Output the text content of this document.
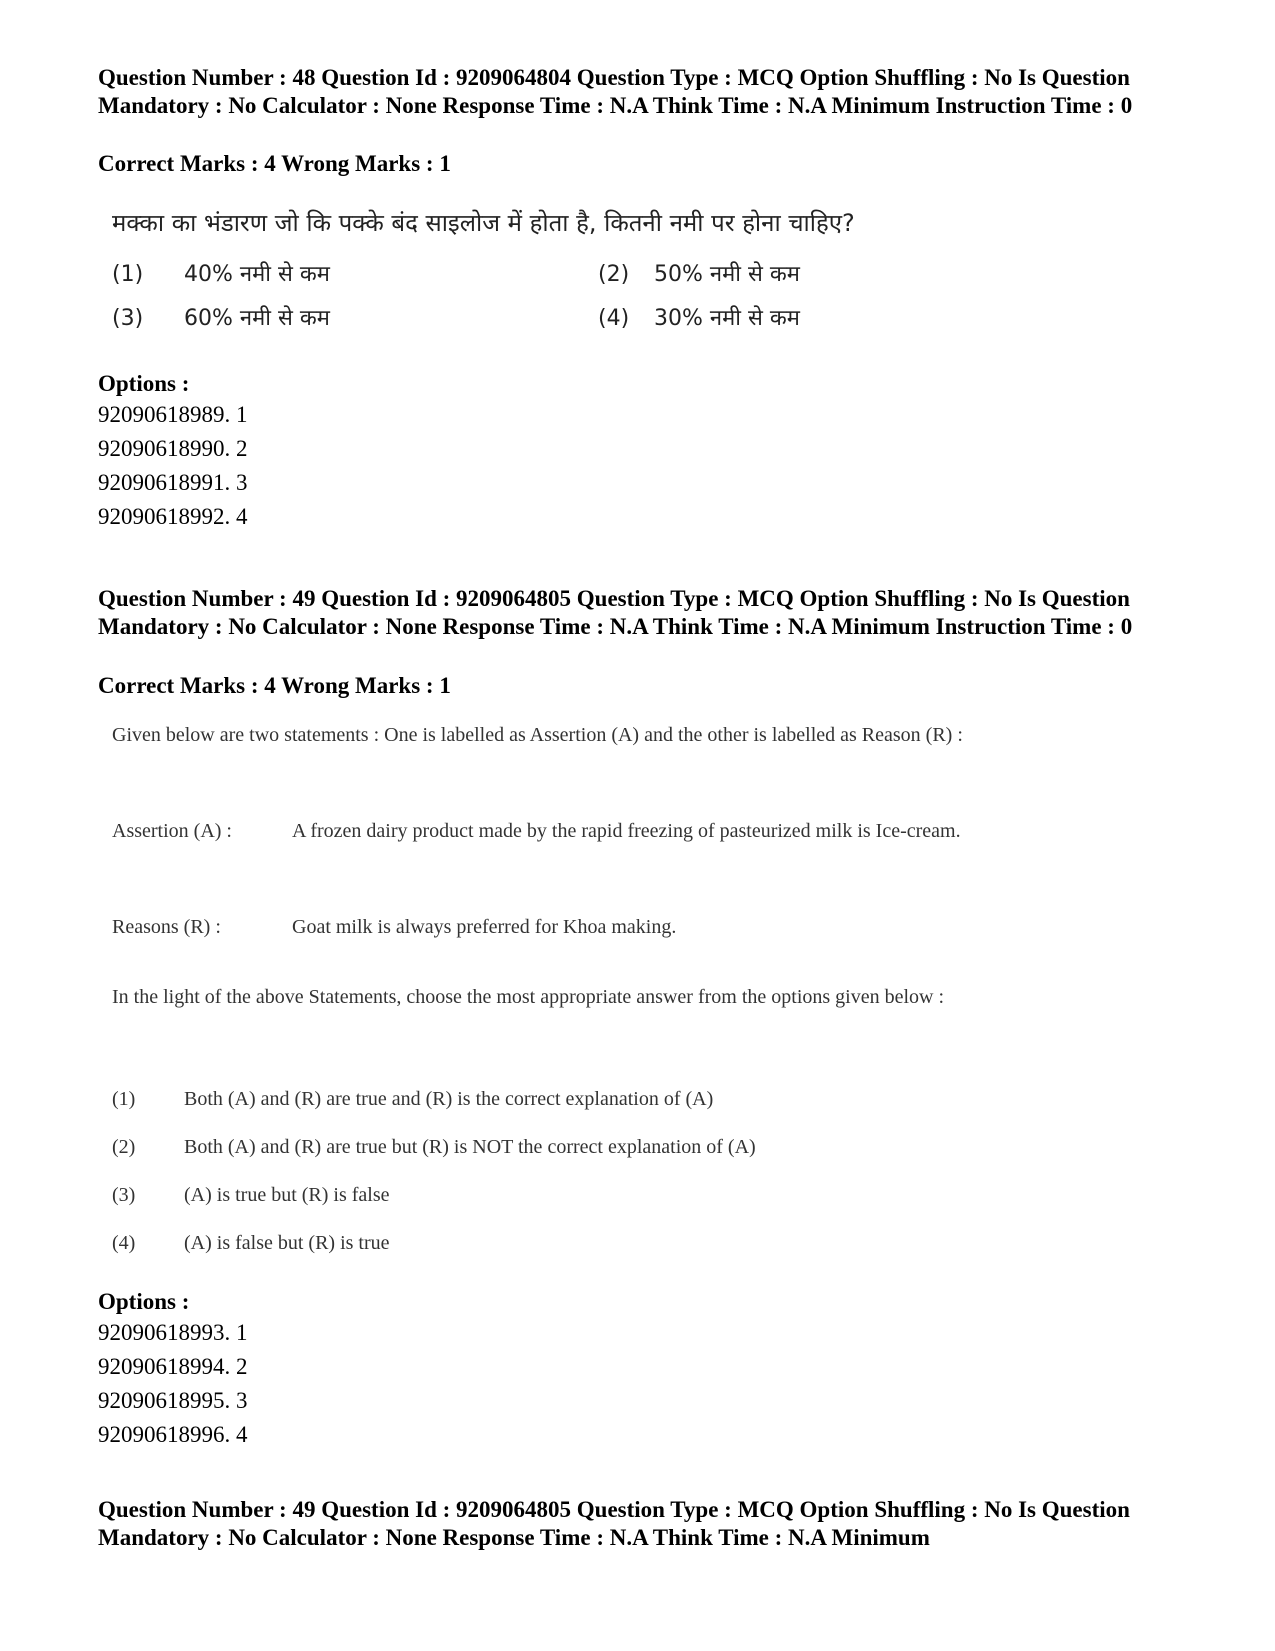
Question Number : 48 Question Id : 9209064804 Question Type : MCQ Option Shuffling : No Is Question Mandatory : No Calculator : None Response Time : N.A Think Time : N.A Minimum Instruction Time : 0
Correct Marks : 4 Wrong Marks : 1
मक्का का भंडारण जो कि पक्के बंद साइलोज में होता है, कितनी नमी पर होना चाहिए?
(1) 40% नमी से कम	(2) 50% नमी से कम
(3) 60% नमी से कम	(4) 30% नमी से कम
Options :
92090618989. 1
92090618990. 2
92090618991. 3
92090618992. 4
Question Number : 49 Question Id : 9209064805 Question Type : MCQ Option Shuffling : No Is Question Mandatory : No Calculator : None Response Time : N.A Think Time : N.A Minimum Instruction Time : 0
Correct Marks : 4 Wrong Marks : 1
Given below are two statements : One is labelled as Assertion (A) and the other is labelled as Reason (R) :
Assertion (A) :	A frozen dairy product made by the rapid freezing of pasteurized milk is Ice-cream.
Reasons (R) :	Goat milk is always preferred for Khoa making.
In the light of the above Statements, choose the most appropriate answer from the options given below :
(1) Both (A) and (R) are true and (R) is the correct explanation of (A)
(2) Both (A) and (R) are true but (R) is NOT the correct explanation of (A)
(3) (A) is true but (R) is false
(4) (A) is false but (R) is true
Options :
92090618993. 1
92090618994. 2
92090618995. 3
92090618996. 4
Question Number : 49 Question Id : 9209064805 Question Type : MCQ Option Shuffling : No Is Question Mandatory : No Calculator : None Response Time : N.A Think Time : N.A Minimum
